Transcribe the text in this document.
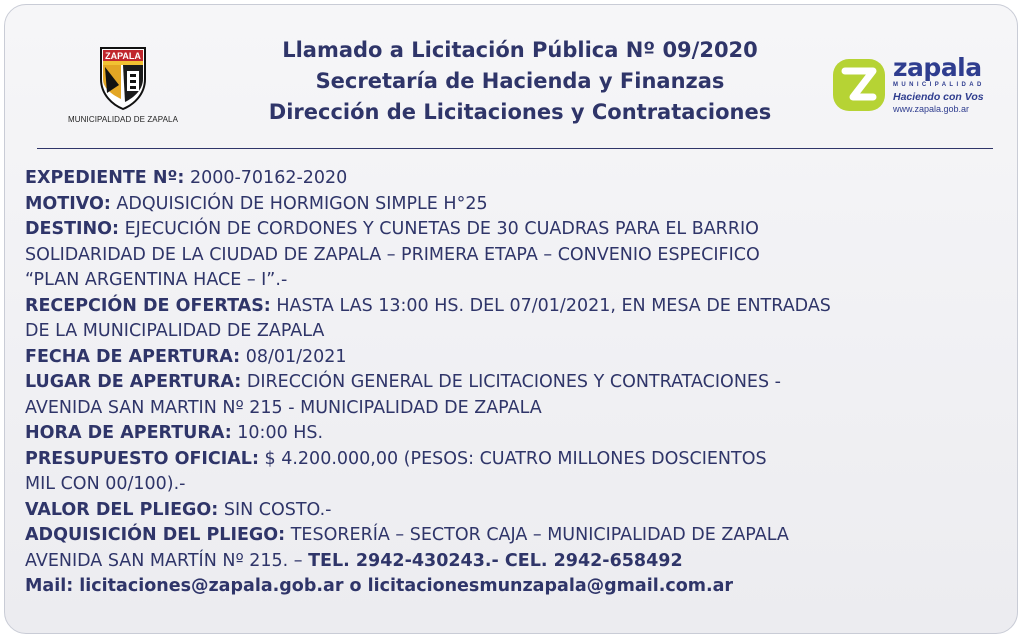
ZAPALA
MUNICIPALIDAD DE ZAPALA
Llamado a Licitación Pública Nº 09/2020
Secretaría de Hacienda y Finanzas
Dirección de Licitaciones y Contrataciones
zapala
MUNICIPALIDAD
Haciendo con Vos
www.zapala.gob.ar
EXPEDIENTE Nº: 2000-70162-2020
MOTIVO: ADQUISICIÓN DE HORMIGON SIMPLE H°25
DESTINO: EJECUCIÓN DE CORDONES Y CUNETAS DE 30 CUADRAS PARA EL BARRIO
SOLIDARIDAD DE LA CIUDAD DE ZAPALA – PRIMERA ETAPA – CONVENIO ESPECIFICO
“PLAN ARGENTINA HACE – I”.-
RECEPCIÓN DE OFERTAS: HASTA LAS 13:00 HS. DEL 07/01/2021, EN MESA DE ENTRADAS
DE LA MUNICIPALIDAD DE ZAPALA
FECHA DE APERTURA: 08/01/2021
LUGAR DE APERTURA: DIRECCIÓN GENERAL DE LICITACIONES Y CONTRATACIONES -
AVENIDA SAN MARTIN Nº 215 - MUNICIPALIDAD DE ZAPALA
HORA DE APERTURA: 10:00 HS.
PRESUPUESTO OFICIAL: $ 4.200.000,00 (PESOS: CUATRO MILLONES DOSCIENTOS
MIL CON 00/100).-
VALOR DEL PLIEGO: SIN COSTO.-
ADQUISICIÓN DEL PLIEGO: TESORERÍA – SECTOR CAJA – MUNICIPALIDAD DE ZAPALA
AVENIDA SAN MARTÍN Nº 215. – TEL. 2942-430243.- CEL. 2942-658492
Mail: licitaciones@zapala.gob.ar o licitacionesmunzapala@gmail.com.ar
